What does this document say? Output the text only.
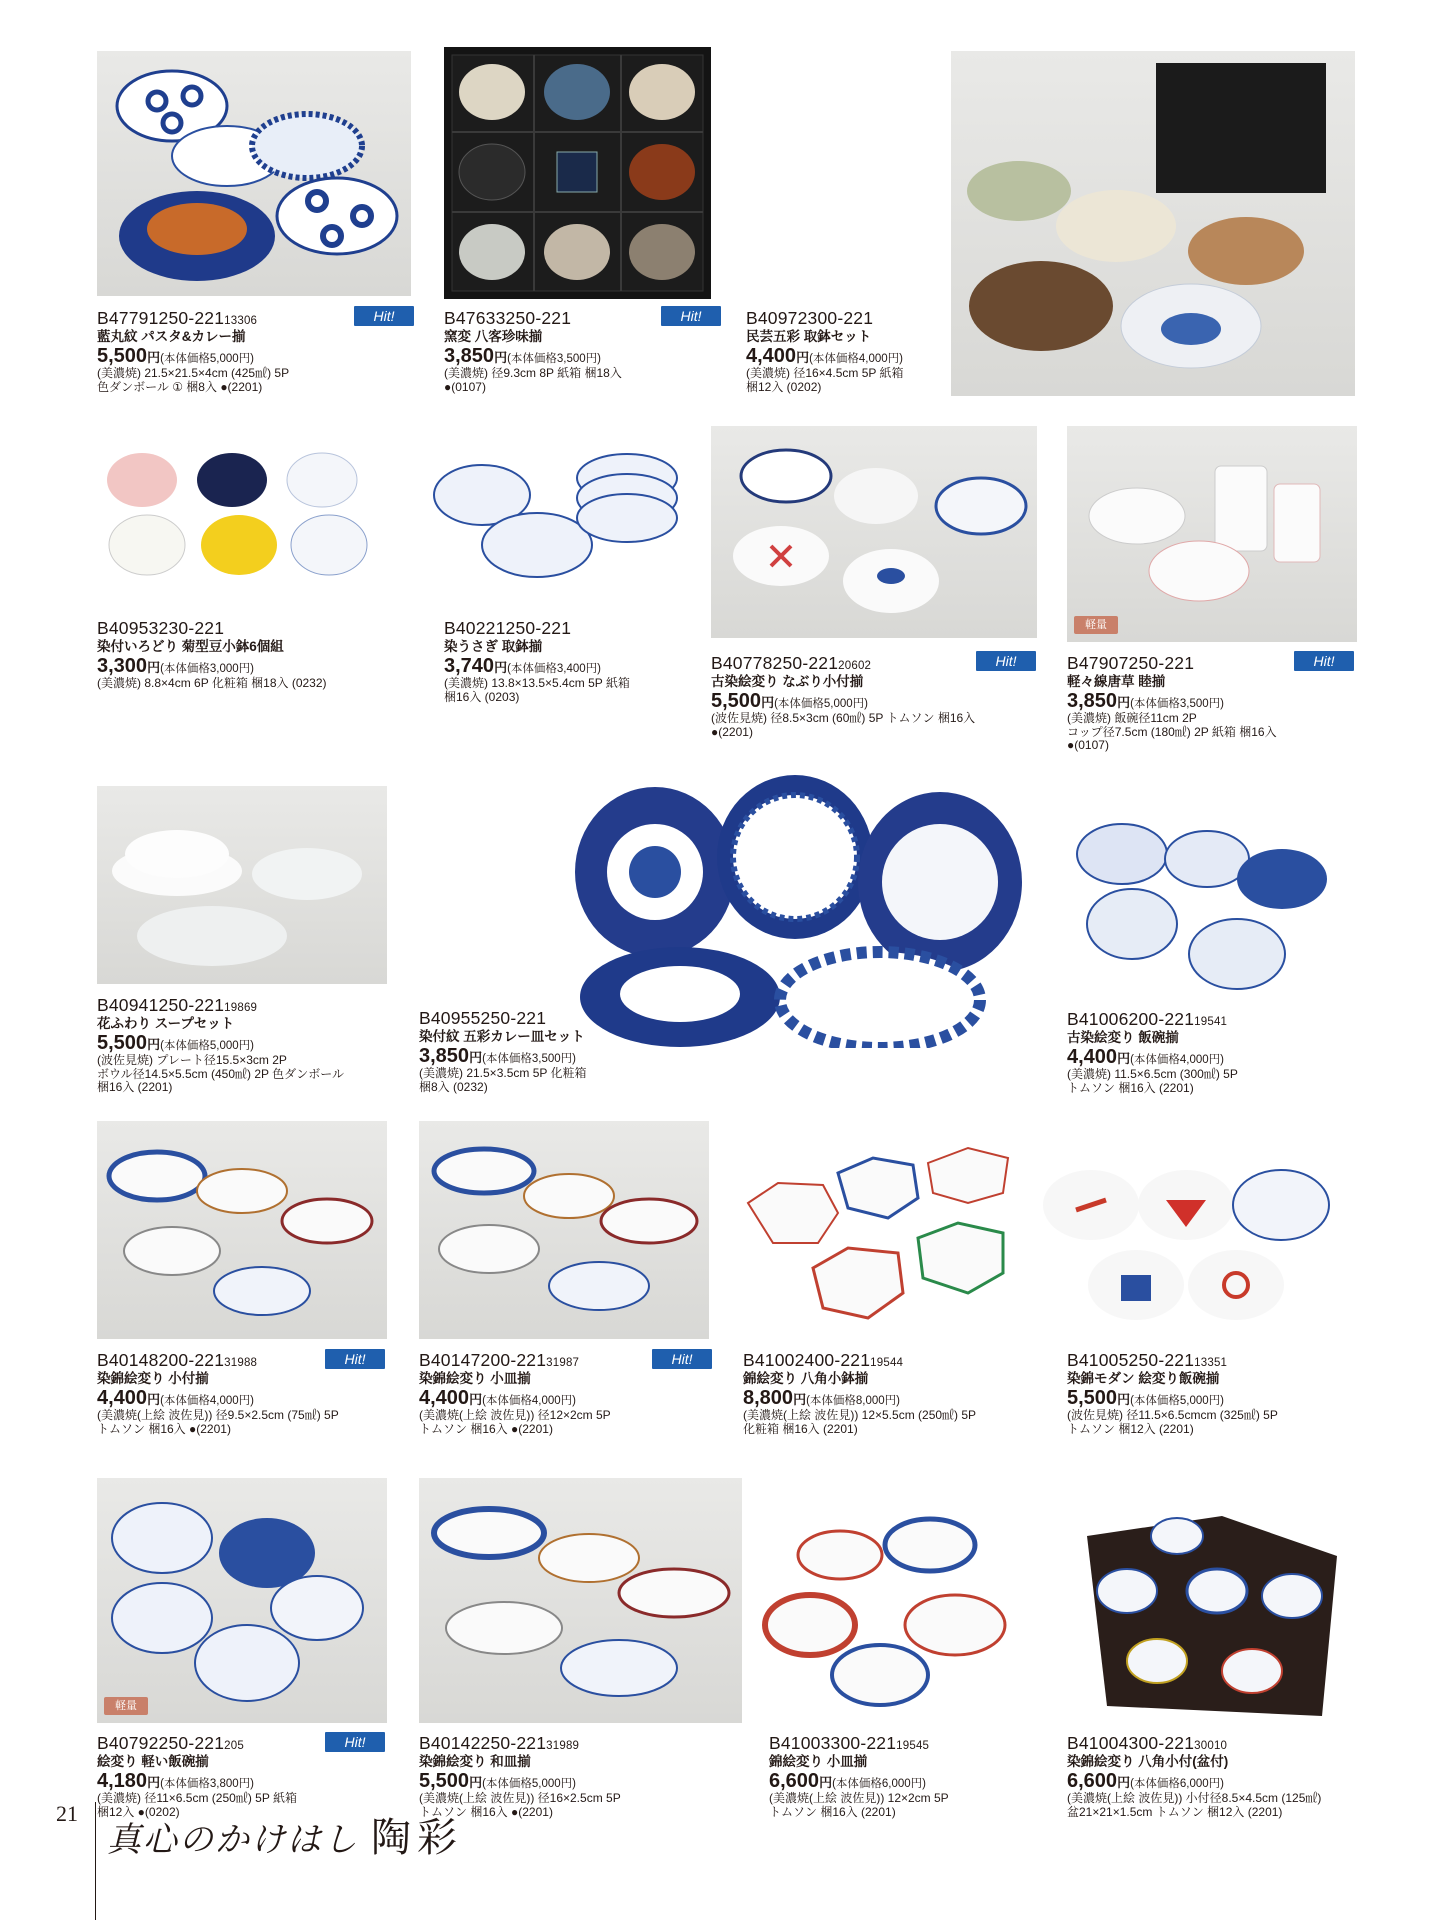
Hit!	Hit!
Hit!	Hit!
軽量
Hit!	Hit!
軽量
Hit!
B47791250-22113306
藍丸紋 パスタ&カレー揃
5,500円(本体価格5,000円)
(美濃焼) 21.5×21.5×4cm (425㎖) 5P
色ダンボール ① 梱8入 ●(2201)
B47633250-221
窯変 八客珍味揃
3,850円(本体価格3,500円)
(美濃焼) 径9.3cm 8P 紙箱 梱18入
●(0107)
B40972300-221
民芸五彩 取鉢セット
4,400円(本体価格4,000円)
(美濃焼) 径16×4.5cm 5P 紙箱
梱12入 (0202)
B40953230-221
染付いろどり 菊型豆小鉢6個組
3,300円(本体価格3,000円)
(美濃焼) 8.8×4cm 6P 化粧箱 梱18入 (0232)
B40221250-221
染うさぎ 取鉢揃
3,740円(本体価格3,400円)
(美濃焼) 13.8×13.5×5.4cm 5P 紙箱
梱16入 (0203)
B40778250-22120602
古染絵変り なぶり小付揃
5,500円(本体価格5,000円)
(波佐見焼) 径8.5×3cm (60㎖) 5P トムソン 梱16入
●(2201)
B47907250-221
軽々線唐草 睦揃
3,850円(本体価格3,500円)
(美濃焼) 飯碗径11cm 2P
コップ径7.5cm (180㎖) 2P 紙箱 梱16入
●(0107)
B40941250-22119869
花ふわり スープセット
5,500円(本体価格5,000円)
(波佐見焼) プレート径15.5×3cm 2P
ボウル径14.5×5.5cm (450㎖) 2P 色ダンボール
梱16入 (2201)
B40955250-221
染付紋 五彩カレー皿セット
3,850円(本体価格3,500円)
(美濃焼) 21.5×3.5cm 5P 化粧箱
梱8入 (0232)
B41006200-22119541
古染絵変り 飯碗揃
4,400円(本体価格4,000円)
(美濃焼) 11.5×6.5cm (300㎖) 5P
トムソン 梱16入 (2201)
B40148200-22131988
染錦絵変り 小付揃
4,400円(本体価格4,000円)
(美濃焼(上絵 波佐見)) 径9.5×2.5cm (75㎖) 5P
トムソン 梱16入 ●(2201)
B40147200-22131987
染錦絵変り 小皿揃
4,400円(本体価格4,000円)
(美濃焼(上絵 波佐見)) 径12×2cm 5P
トムソン 梱16入 ●(2201)
B41002400-22119544
錦絵変り 八角小鉢揃
8,800円(本体価格8,000円)
(美濃焼(上絵 波佐見)) 12×5.5cm (250㎖) 5P
化粧箱 梱16入 (2201)
B41005250-22113351
染錦モダン 絵変り飯碗揃
5,500円(本体価格5,000円)
(波佐見焼) 径11.5×6.5cmcm (325㎖) 5P
トムソン 梱12入 (2201)
B40792250-221205
絵変り 軽い飯碗揃
4,180円(本体価格3,800円)
(美濃焼) 径11×6.5cm (250㎖) 5P 紙箱
梱12入 ●(0202)
B40142250-22131989
染錦絵変り 和皿揃
5,500円(本体価格5,000円)
(美濃焼(上絵 波佐見)) 径16×2.5cm 5P
トムソン 梱16入 ●(2201)
B41003300-22119545
錦絵変り 小皿揃
6,600円(本体価格6,000円)
(美濃焼(上絵 波佐見)) 12×2cm 5P
トムソン 梱16入 (2201)
B41004300-22130010
染錦絵変り 八角小付(盆付)
6,600円(本体価格6,000円)
(美濃焼(上絵 波佐見)) 小付径8.5×4.5cm (125㎖)
盆21×21×1.5cm トムソン 梱12入 (2201)
21
真心のかけはし 陶彩
